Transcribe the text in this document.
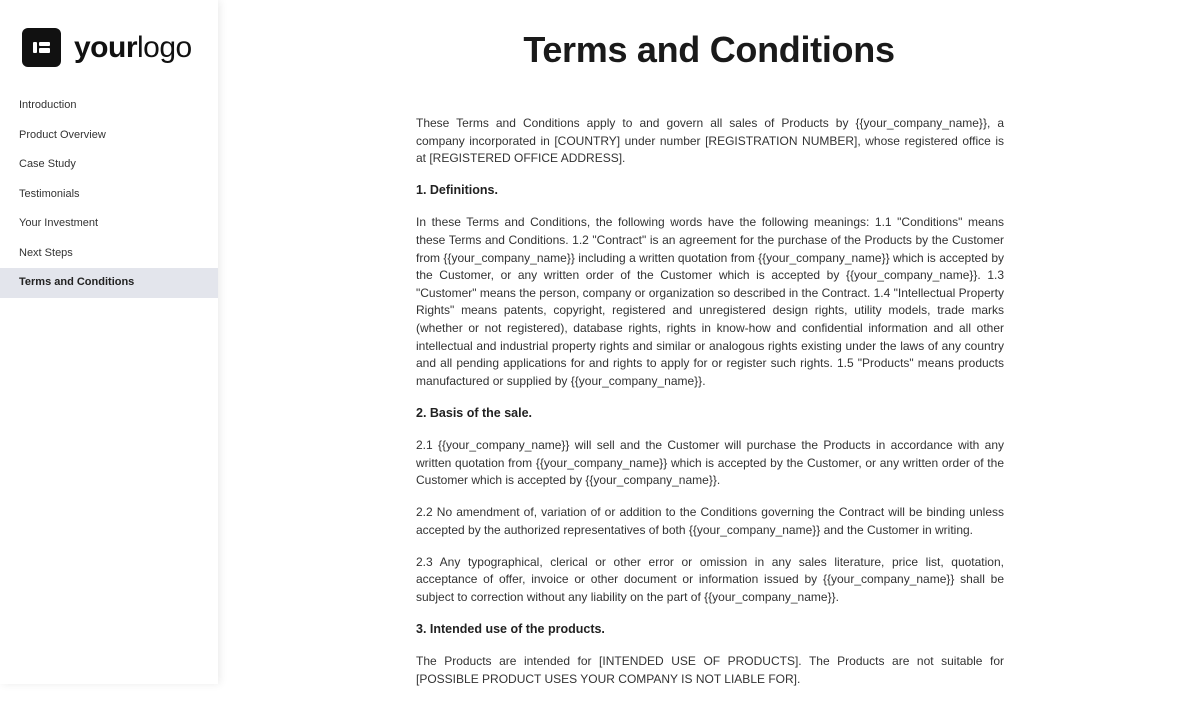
yourlogo
Introduction
Product Overview
Case Study
Testimonials
Your Investment
Next Steps
Terms and Conditions
Terms and Conditions

These Terms and Conditions apply to and govern all sales of Products by {{your_company_name}}, a company incorporated in [COUNTRY] under number [REGISTRATION NUMBER], whose registered office is at [REGISTERED OFFICE ADDRESS].

1. Definitions.

In these Terms and Conditions, the following words have the following meanings: 1.1 "Conditions" means these Terms and Conditions. 1.2 "Contract" is an agreement for the purchase of the Products by the Customer from {{your_company_name}} including a written quotation from {{your_company_name}} which is accepted by the Customer, or any written order of the Customer which is accepted by {{your_company_name}}. 1.3 "Customer" means the person, company or organization so described in the Contract. 1.4 "Intellectual Property Rights" means patents, copyright, registered and unregistered design rights, utility models, trade marks (whether or not registered), database rights, rights in know-how and confidential information and all other intellectual and industrial property rights and similar or analogous rights existing under the laws of any country and all pending applications for and rights to apply for or register such rights. 1.5 "Products" means products manufactured or supplied by {{your_company_name}}.

2. Basis of the sale.

2.1 {{your_company_name}} will sell and the Customer will purchase the Products in accordance with any written quotation from {{your_company_name}} which is accepted by the Customer, or any written order of the Customer which is accepted by {{your_company_name}}.

2.2 No amendment of, variation of or addition to the Conditions governing the Contract will be binding unless accepted by the authorized representatives of both {{your_company_name}} and the Customer in writing.

2.3 Any typographical, clerical or other error or omission in any sales literature, price list, quotation, acceptance of offer, invoice or other document or information issued by {{your_company_name}} shall be subject to correction without any liability on the part of {{your_company_name}}.

3. Intended use of the products.

The Products are intended for [INTENDED USE OF PRODUCTS]. The Products are not suitable for [POSSIBLE PRODUCT USES YOUR COMPANY IS NOT LIABLE FOR].
